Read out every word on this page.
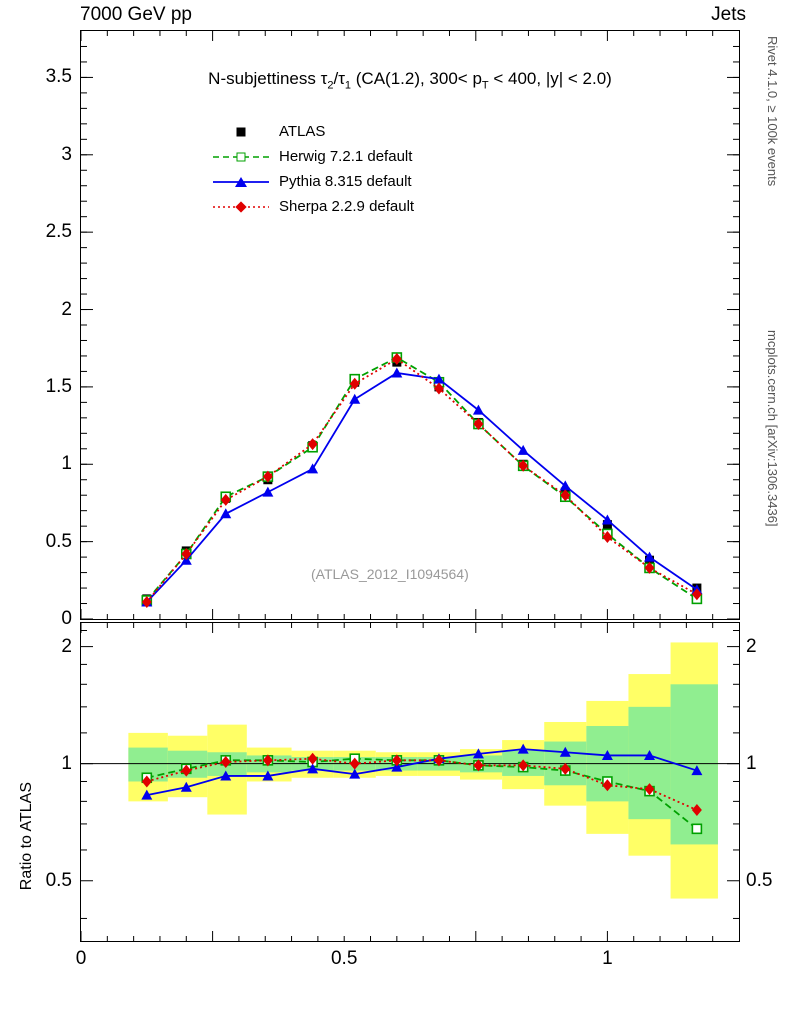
7000 GeV pp	Jets
Rivet 4.1.0, ≥ 100k events
mcplots.cern.ch [arXiv:1306.3436]
N-subjettiness $\tau_2/\tau_1$ (CA(1.2), $300< p_T < 400$, |y| < 2.0)
ATLAS
Herwig 7.2.1 default
Pythia 8.315 default
Sherpa 2.2.9 default
(ATLAS_2012_I1094564)
Ratio to ATLAS
0
0.5
1
1.5
2
2.5
3
3.5
0.5
1
2
0.5
1
2
0	0.5	1
